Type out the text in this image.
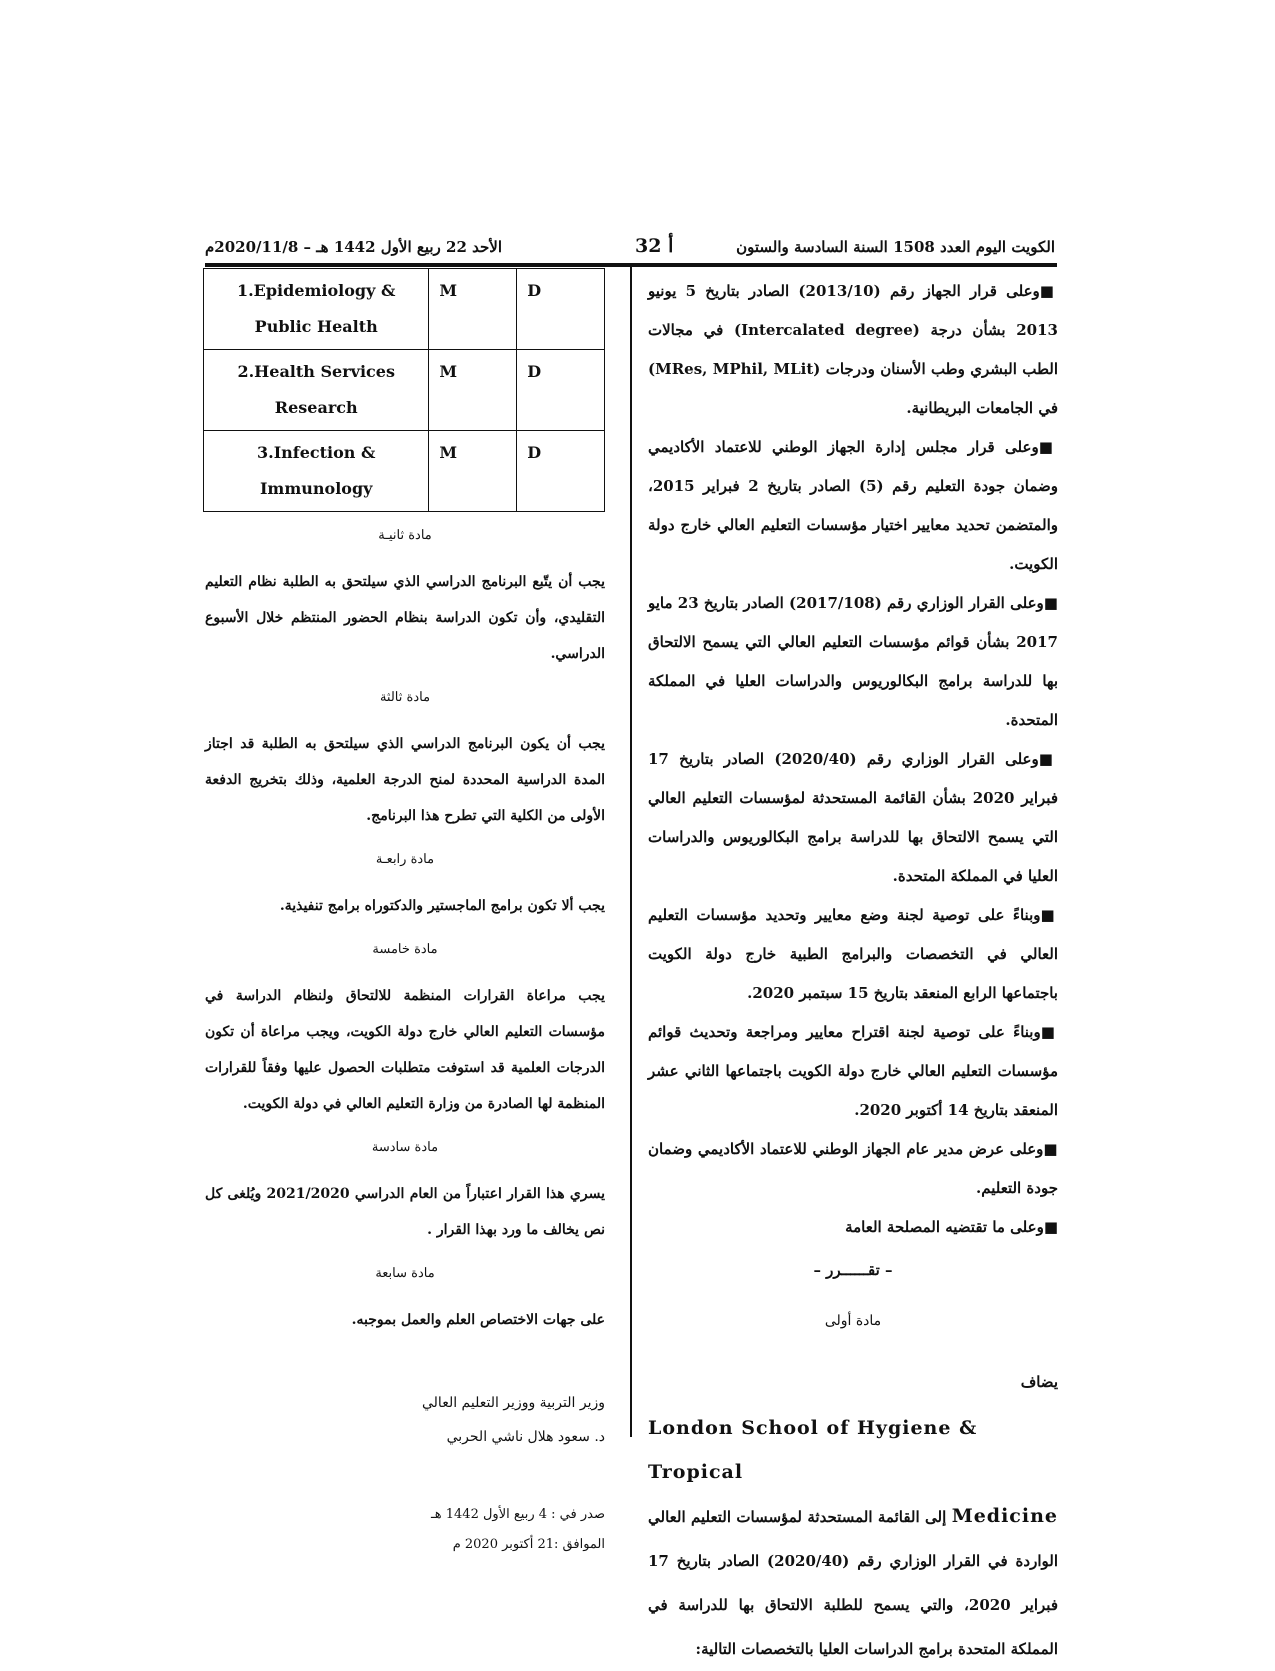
الأحد 22 ربيع الأول 1442 هـ – 2020/11/8م	أ 32	الكويت اليوم العدد 1508 السنة السادسة والستون

■وعلى قرار الجهاز رقم (2013/10) الصادر بتاريخ 5 يونيو 2013 بشأن درجة (Intercalated degree) في مجالات الطب البشري وطب الأسنان ودرجات (MRes, MPhil, MLit) في الجامعات البريطانية.

■وعلى قرار مجلس إدارة الجهاز الوطني للاعتماد الأكاديمي وضمان جودة التعليم رقم (5) الصادر بتاريخ 2 فبراير 2015، والمتضمن تحديد معايير اختيار مؤسسات التعليم العالي خارج دولة الكويت.

■وعلى القرار الوزاري رقم (2017/108) الصادر بتاريخ 23 مايو 2017 بشأن قوائم مؤسسات التعليم العالي التي يسمح الالتحاق بها للدراسة برامج البكالوريوس والدراسات العليا في المملكة المتحدة.

■وعلى القرار الوزاري رقم (2020/40) الصادر بتاريخ 17 فبراير 2020 بشأن القائمة المستحدثة لمؤسسات التعليم العالي التي يسمح الالتحاق بها للدراسة برامج البكالوريوس والدراسات العليا في المملكة المتحدة.

■وبناءً على توصية لجنة وضع معايير وتحديد مؤسسات التعليم العالي في التخصصات والبرامج الطبية خارج دولة الكويت باجتماعها الرابع المنعقد بتاريخ 15 سبتمبر 2020.

■وبناءً على توصية لجنة اقتراح معايير ومراجعة وتحديث قوائم مؤسسات التعليم العالي خارج دولة الكويت باجتماعها الثاني عشر المنعقد بتاريخ 14 أكتوبر 2020.

■وعلى عرض مدير عام الجهاز الوطني للاعتماد الأكاديمي وضمان جودة التعليم.

■وعلى ما تقتضيه المصلحة العامة

– تقــــــرر –

مادة أولى

يضاف

London School of Hygiene & Tropical

Medicine إلى القائمة المستحدثة لمؤسسات التعليم العالي الواردة في القرار الوزاري رقم (2020/40) الصادر بتاريخ 17 فبراير 2020، والتي يسمح للطلبة الالتحاق بها للدراسة في المملكة المتحدة برامج الدراسات العليا بالتخصصات التالية:

1.Epidemiology & Public Health	M	D
2.Health Services Research	M	D
3.Infection & Immunology	M	D

مادة ثانيـة

يجب أن يتّبع البرنامج الدراسي الذي سيلتحق به الطلبة نظام التعليم التقليدي، وأن تكون الدراسة بنظام الحضور المنتظم خلال الأسبوع الدراسي.

مادة ثالثة

يجب أن يكون البرنامج الدراسي الذي سيلتحق به الطلبة قد اجتاز المدة الدراسية المحددة لمنح الدرجة العلمية، وذلك بتخريج الدفعة الأولى من الكلية التي تطرح هذا البرنامج.

مادة رابعـة

يجب ألا تكون برامج الماجستير والدكتوراه برامج تنفيذية.

مادة خامسة

يجب مراعاة القرارات المنظمة للالتحاق ولنظام الدراسة في مؤسسات التعليم العالي خارج دولة الكويت، ويجب مراعاة أن تكون الدرجات العلمية قد استوفت متطلبات الحصول عليها وفقاً للقرارات المنظمة لها الصادرة من وزارة التعليم العالي في دولة الكويت.

مادة سادسة

يسري هذا القرار اعتباراً من العام الدراسي 2021/2020 ويُلغى كل نص يخالف ما ورد بهذا القرار .

مادة سابعة

على جهات الاختصاص العلم والعمل بموجبه.

وزير التربية ووزير التعليم العالي
د. سعود هلال ناشي الحربي
صدر في : 4 ربيع الأول 1442 هـ
الموافق :21 أكتوبر 2020 م
